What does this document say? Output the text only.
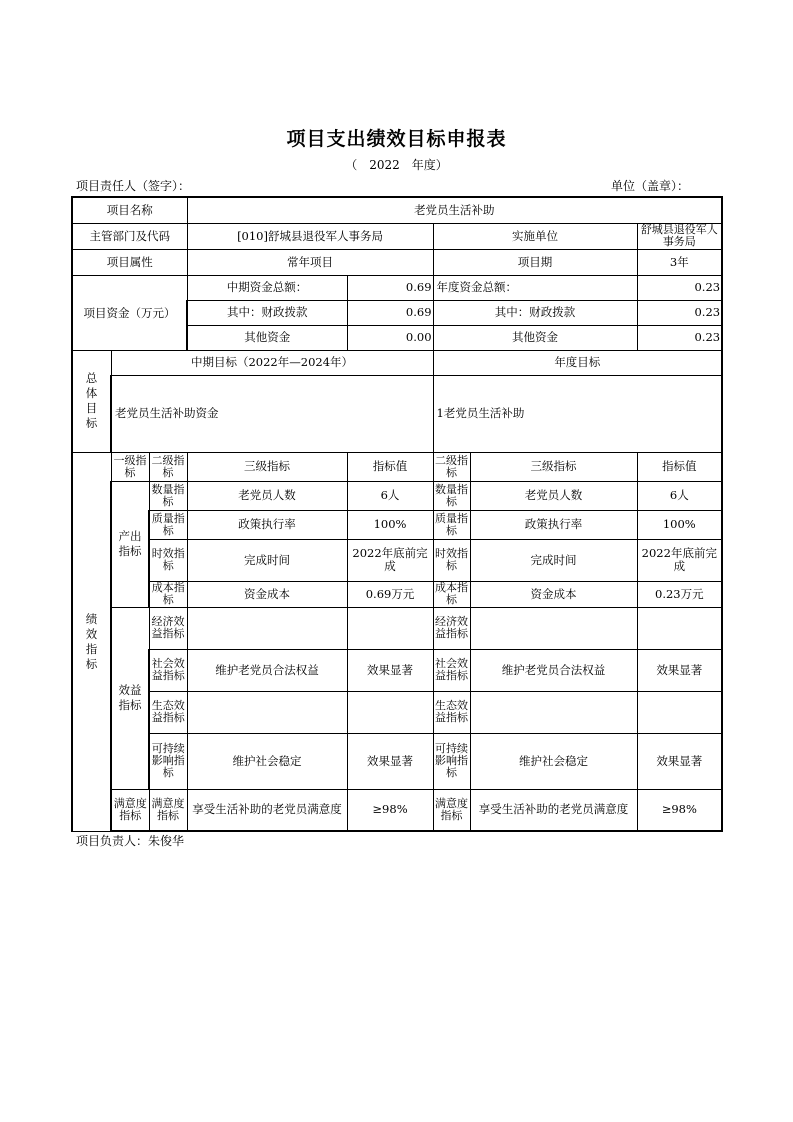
项目支出绩效目标申报表
（　2022　年度）
项目责任人（签字）：	单位（盖章）：
项目名称			老党员生活补助				
主管部门及代码			[010]舒城县退役军人事务局		实施单位		舒城县退役军人事务局
项目属性			常年项目		项目期		3年
项目资金（万元）			中期资金总额：	0.69	年度资金总额：		0.23
			其中：财政拨款	0.69	其中：财政拨款		0.23
			其他资金	0.00	其他资金		0.23
总体目标	中期目标（2022年—2024年）				年度目标		
	老党员生活补助资金				1老党员生活补助		
绩效指标	一级指标	二级指标	三级指标	指标值	二级指标	三级指标	指标值
	产出指标	数量指标	老党员人数	6人	数量指标	老党员人数	6人
		质量指标	政策执行率	100%	质量指标	政策执行率	100%
		时效指标	完成时间	2022年底前完成	时效指标	完成时间	2022年底前完成
		成本指标	资金成本	0.69万元	成本指标	资金成本	0.23万元
	效益指标	经济效益指标			经济效益指标		
		社会效益指标	维护老党员合法权益	效果显著	社会效益指标	维护老党员合法权益	效果显著
		生态效益指标			生态效益指标		
		可持续影响指标	维护社会稳定	效果显著	可持续影响指标	维护社会稳定	效果显著
	满意度指标	满意度指标	享受生活补助的老党员满意度	≥98%	满意度指标	享受生活补助的老党员满意度	≥98%
项目负责人：朱俊华
